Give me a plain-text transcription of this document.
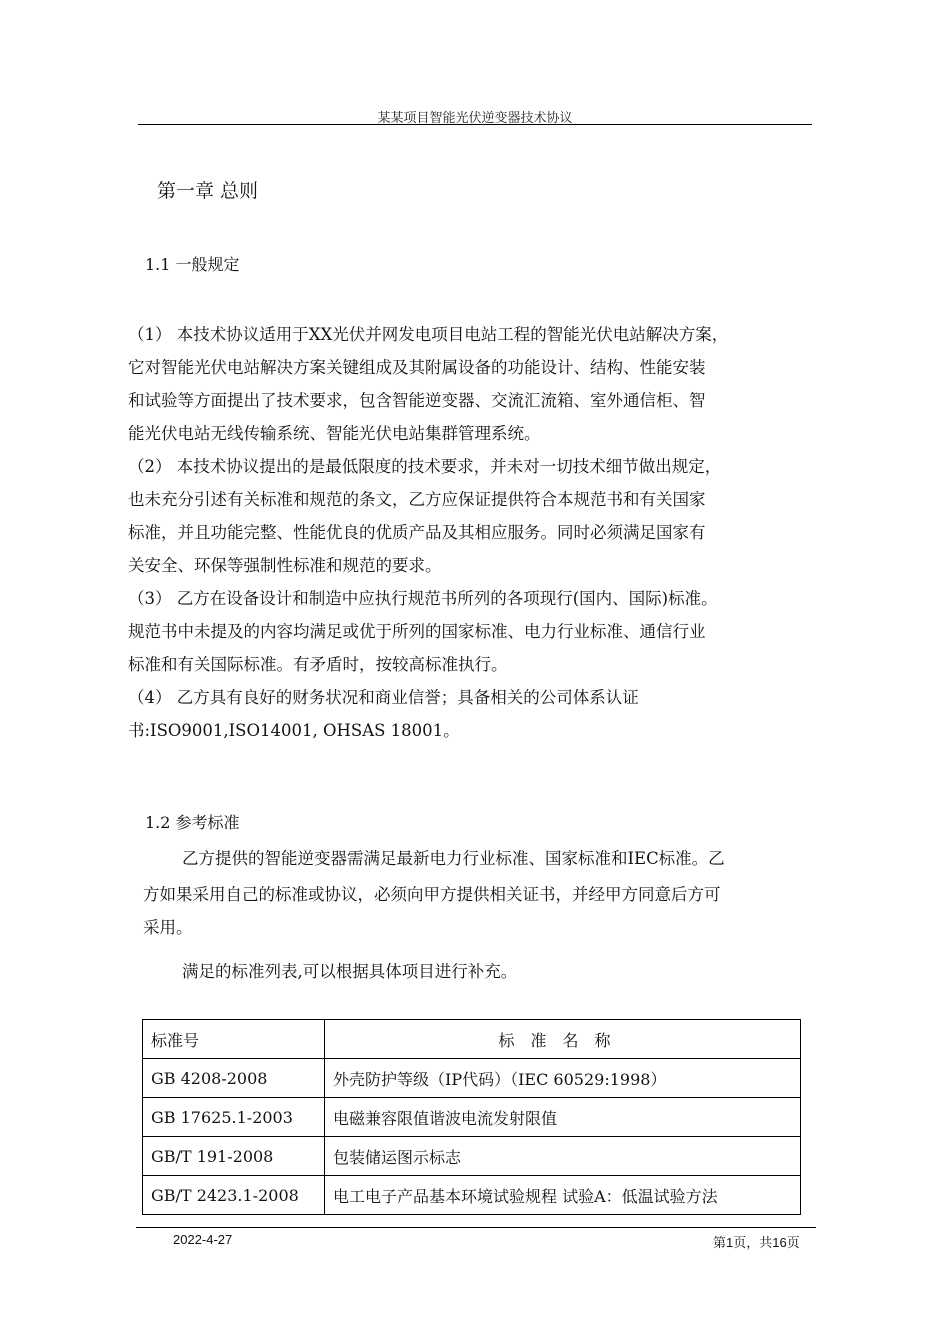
某某项目智能光伏逆变器技术协议
第一章 总则
1.1 一般规定
（1） 本技术协议适用于XX光伏并网发电项目电站工程的智能光伏电站解决方案，
它对智能光伏电站解决方案关键组成及其附属设备的功能设计、结构、性能安装
和试验等方面提出了技术要求，包含智能逆变器、交流汇流箱、室外通信柜、智
能光伏电站无线传输系统、智能光伏电站集群管理系统。
（2） 本技术协议提出的是最低限度的技术要求，并未对一切技术细节做出规定，
也未充分引述有关标准和规范的条文，乙方应保证提供符合本规范书和有关国家
标准，并且功能完整、性能优良的优质产品及其相应服务。同时必须满足国家有
关安全、环保等强制性标准和规范的要求。
（3） 乙方在设备设计和制造中应执行规范书所列的各项现行(国内、国际)标准。
规范书中未提及的内容均满足或优于所列的国家标准、电力行业标准、通信行业
标准和有关国际标准。有矛盾时，按较高标准执行。
（4） 乙方具有良好的财务状况和商业信誉；具备相关的公司体系认证
书:ISO9001,ISO14001, OHSAS 18001。
1.2 参考标准
乙方提供的智能逆变器需满足最新电力行业标准、国家标准和IEC标准。乙
方如果采用自己的标准或协议，必须向甲方提供相关证书，并经甲方同意后方可
采用。
满足的标准列表,可以根据具体项目进行补充。
标准号	标准名称
GB 4208-2008	外壳防护等级（IP代码）（IEC 60529:1998）
GB 17625.1-2003	电磁兼容限值谐波电流发射限值
GB/T 191-2008	包装储运图示标志
GB/T 2423.1-2008	电工电子产品基本环境试验规程 试验A：低温试验方法
2022-4-27	第1页，共16页
